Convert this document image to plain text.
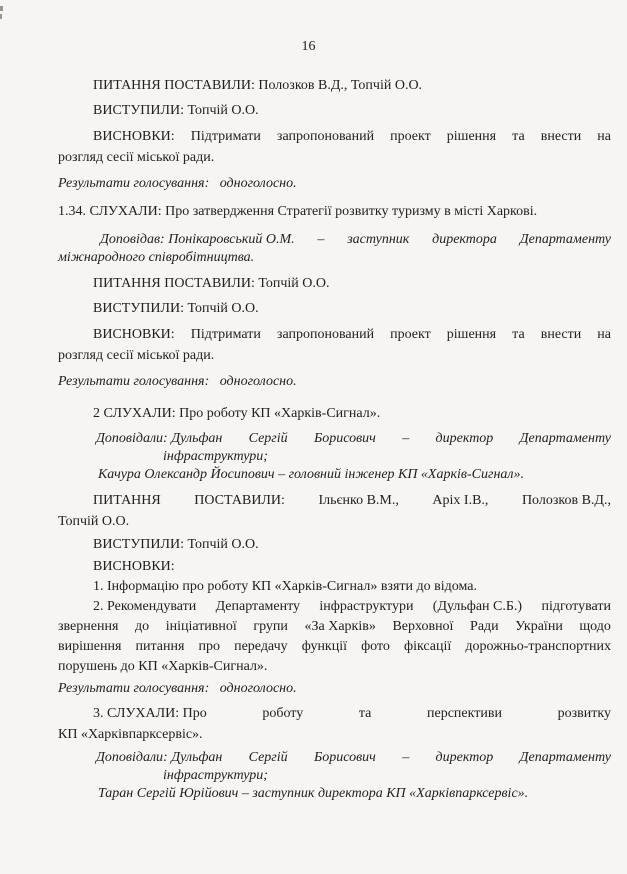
16
ПИТАННЯ ПОСТАВИЛИ: Полозков В.Д., Топчій О.О.
ВИСТУПИЛИ: Топчій О.О.
ВИСНОВКИ: Підтримати запропонований проект рішення та внести на
розгляд сесії міської ради.
Результати голосування:  одноголосно.
1.34. СЛУХАЛИ: Про затвердження Стратегії розвитку туризму в місті Харкові.
Доповідав: Понікаровський О.М. – заступник директора Департаменту
міжнародного співробітництва.
ПИТАННЯ ПОСТАВИЛИ: Топчій О.О.
ВИСТУПИЛИ: Топчій О.О.
ВИСНОВКИ: Підтримати запропонований проект рішення та внести на
розгляд сесії міської ради.
Результати голосування:  одноголосно.
2 СЛУХАЛИ: Про роботу КП «Харків-Сигнал».
Доповідали: Дульфан Сергій Борисович – директор Департаменту
інфраструктури;
Качура Олександр Йосипович – головний інженер КП «Харків-Сигнал».
ПИТАННЯ ПОСТАВИЛИ: Ільєнко В.М., Аріх І.В., Полозков В.Д.,
Топчій О.О.
ВИСТУПИЛИ: Топчій О.О.
ВИСНОВКИ:
1. Інформацію про роботу КП «Харків-Сигнал» взяти до відома.
2. Рекомендувати Департаменту інфраструктури (Дульфан С.Б.) підготувати
звернення до ініціативної групи «За Харків» Верховної Ради України щодо
вирішення питання про передачу функції фото фіксації дорожньо-транспортних
порушень до КП «Харків-Сигнал».
Результати голосування:  одноголосно.
3. СЛУХАЛИ: Про	роботу	та	перспективи	розвитку
КП «Харківпарксервіс».
Доповідали: Дульфан Сергій Борисович – директор Департаменту
інфраструктури;
Таран Сергій Юрійович – заступник директора КП «Харківпарксервіс».
